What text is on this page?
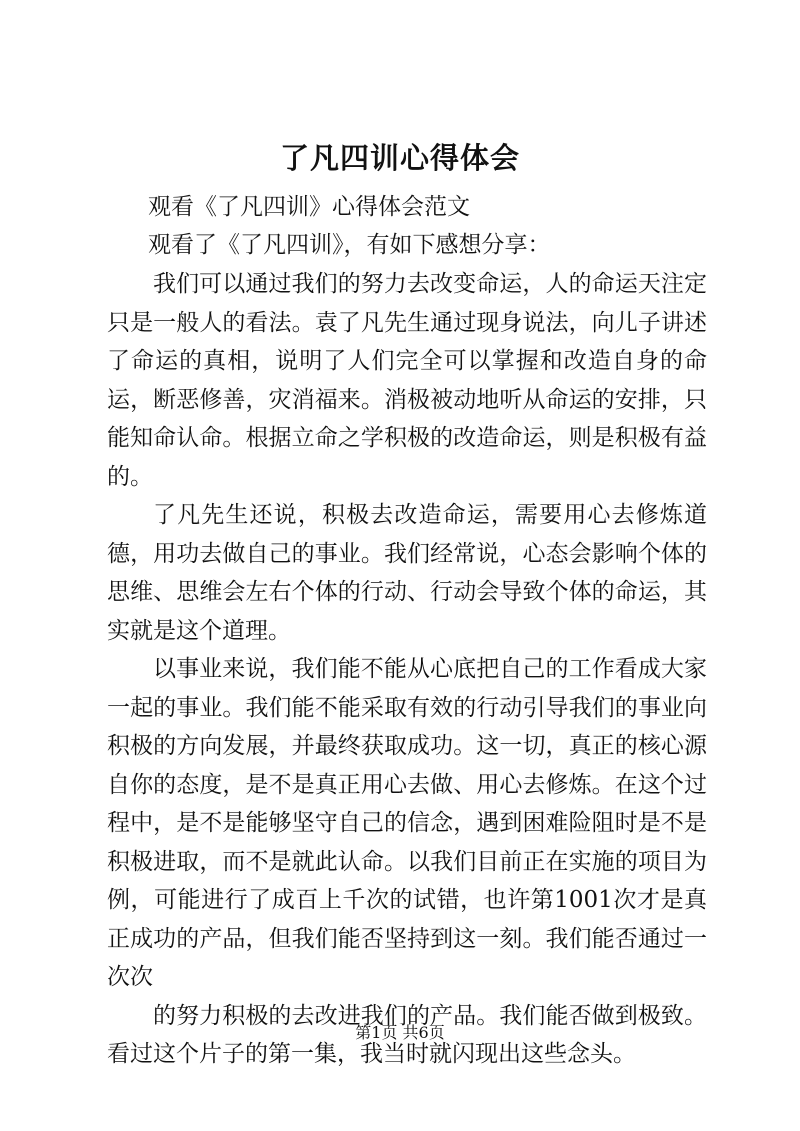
了凡四训心得体会
观看《了凡四训》心得体会范文
观看了《了凡四训》，有如下感想分享：

我们可以通过我们的努力去改变命运，人的命运天注定只是一般人的看法。袁了凡先生通过现身说法，向儿子讲述了命运的真相，说明了人们完全可以掌握和改造自身的命运，断恶修善，灾消福来。消极被动地听从命运的安排，只能知命认命。根据立命之学积极的改造命运，则是积极有益的。

了凡先生还说，积极去改造命运，需要用心去修炼道德，用功去做自己的事业。我们经常说，心态会影响个体的思维、思维会左右个体的行动、行动会导致个体的命运，其实就是这个道理。

以事业来说，我们能不能从心底把自己的工作看成大家一起的事业。我们能不能采取有效的行动引导我们的事业向积极的方向发展，并最终获取成功。这一切，真正的核心源自你的态度，是不是真正用心去做、用心去修炼。在这个过程中，是不是能够坚守自己的信念，遇到困难险阻时是不是积极进取，而不是就此认命。以我们目前正在实施的项目为例，可能进行了成百上千次的试错，也许第1001次才是真正成功的产品，但我们能否坚持到这一刻。我们能否通过一次次

的努力积极的去改进我们的产品。我们能否做到极致。看过这个片子的第一集，我当时就闪现出这些念头。

第1页 共6页
